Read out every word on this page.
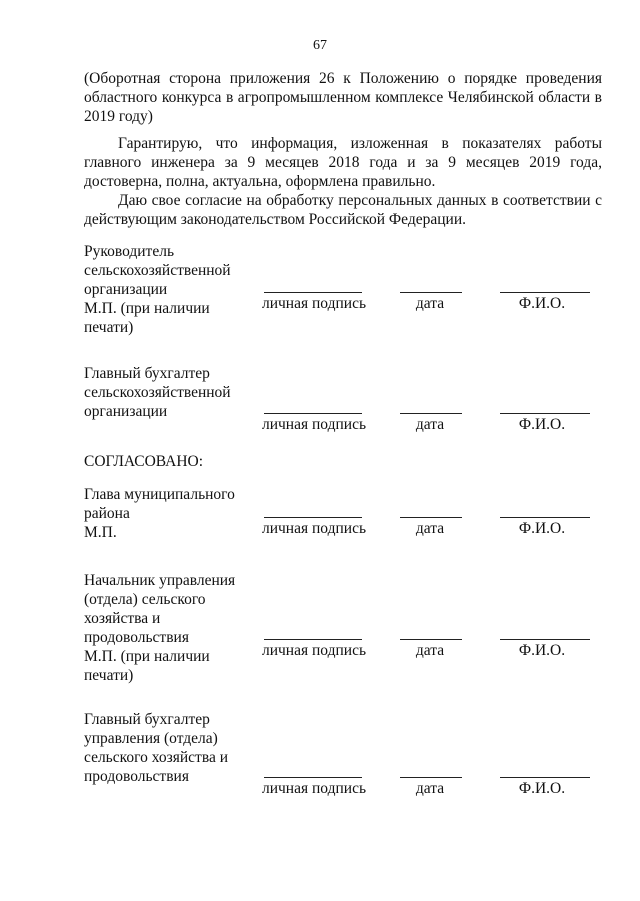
67
(Оборотная сторона приложения 26 к Положению о порядке проведения областного конкурса в агропромышленном комплексе Челябинской области в 2019 году)
Гарантирую, что информация, изложенная в показателях работы главного инженера за 9 месяцев 2018 года и за 9 месяцев 2019 года, достоверна, полна, актуальна, оформлена правильно.
Даю свое согласие на обработку персональных данных в соответствии с действующим законодательством Российской Федерации.
Руководитель
сельскохозяйственной
организации
М.П. (при наличии
печати)
личная подпись	дата	Ф.И.О.
Главный бухгалтер
сельскохозяйственной
организации
личная подпись	дата	Ф.И.О.
СОГЛАСОВАНО:
Глава муниципального
района
М.П.	личная подпись	дата	Ф.И.О.
Начальник управления
(отдела) сельского
хозяйства и
продовольствия
М.П. (при наличии
печати)
личная подпись	дата	Ф.И.О.
Главный бухгалтер
управления (отдела)
сельского хозяйства и
продовольствия
личная подпись	дата	Ф.И.О.
